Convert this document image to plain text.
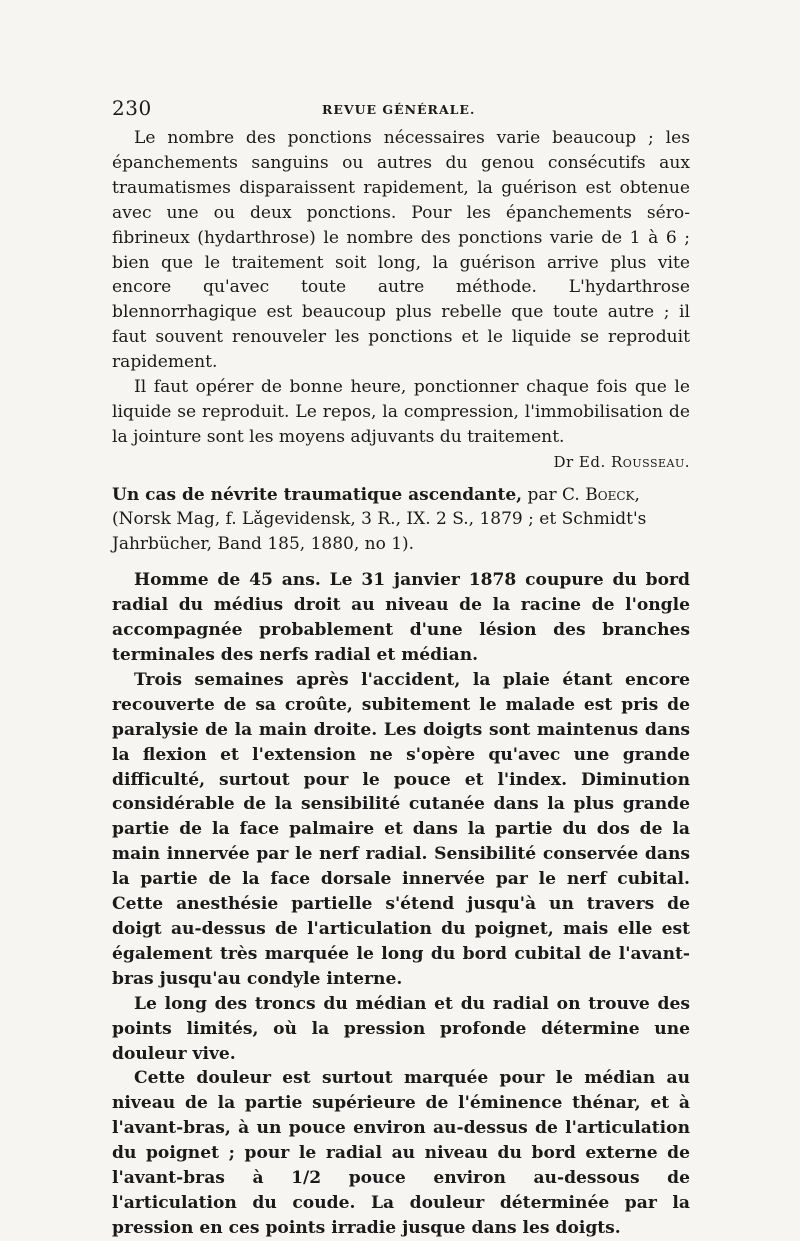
230	REVUE GÉNÉRALE.

Le nombre des ponctions nécessaires varie beaucoup ; les épanchements sanguins ou autres du genou consécutifs aux traumatismes disparaissent rapidement, la guérison est obtenue avec une ou deux ponctions. Pour les épanchements séro-fibrineux (hydarthrose) le nombre des ponctions varie de 1 à 6 ; bien que le traitement soit long, la guérison arrive plus vite encore qu'avec toute autre méthode. L'hydarthrose blennorrhagique est beaucoup plus rebelle que toute autre ; il faut souvent renouveler les ponctions et le liquide se reproduit rapidement.

Il faut opérer de bonne heure, ponctionner chaque fois que le liquide se reproduit. Le repos, la compression, l'immobilisation de la jointure sont les moyens adjuvants du traitement.

Dr Ed. Rousseau.
Un cas de névrite traumatique ascendante, par C. Boeck, (Norsk Mag, f. Lǎgevidensk, 3 R., IX. 2 S., 1879 ; et Schmidt's Jahrbücher, Band 185, 1880, no 1).

Homme de 45 ans. Le 31 janvier 1878 coupure du bord radial du médius droit au niveau de la racine de l'ongle accompagnée probablement d'une lésion des branches terminales des nerfs radial et médian.

Trois semaines après l'accident, la plaie étant encore recouverte de sa croûte, subitement le malade est pris de paralysie de la main droite. Les doigts sont maintenus dans la flexion et l'extension ne s'opère qu'avec une grande difficulté, surtout pour le pouce et l'index. Diminution considérable de la sensibilité cutanée dans la plus grande partie de la face palmaire et dans la partie du dos de la main innervée par le nerf radial. Sensibilité conservée dans la partie de la face dorsale innervée par le nerf cubital. Cette anesthésie partielle s'étend jusqu'à un travers de doigt au-dessus de l'articulation du poignet, mais elle est également très marquée le long du bord cubital de l'avant-bras jusqu'au condyle interne.

Le long des troncs du médian et du radial on trouve des points limités, où la pression profonde détermine une douleur vive.

Cette douleur est surtout marquée pour le médian au niveau de la partie supérieure de l'éminence thénar, et à l'avant-bras, à un pouce environ au-dessus de l'articulation du poignet ; pour le radial au niveau du bord externe de l'avant-bras à 1/2 pouce environ au-dessous de l'articulation du coude. La douleur déterminée par la pression en ces points irradie jusque dans les doigts.
